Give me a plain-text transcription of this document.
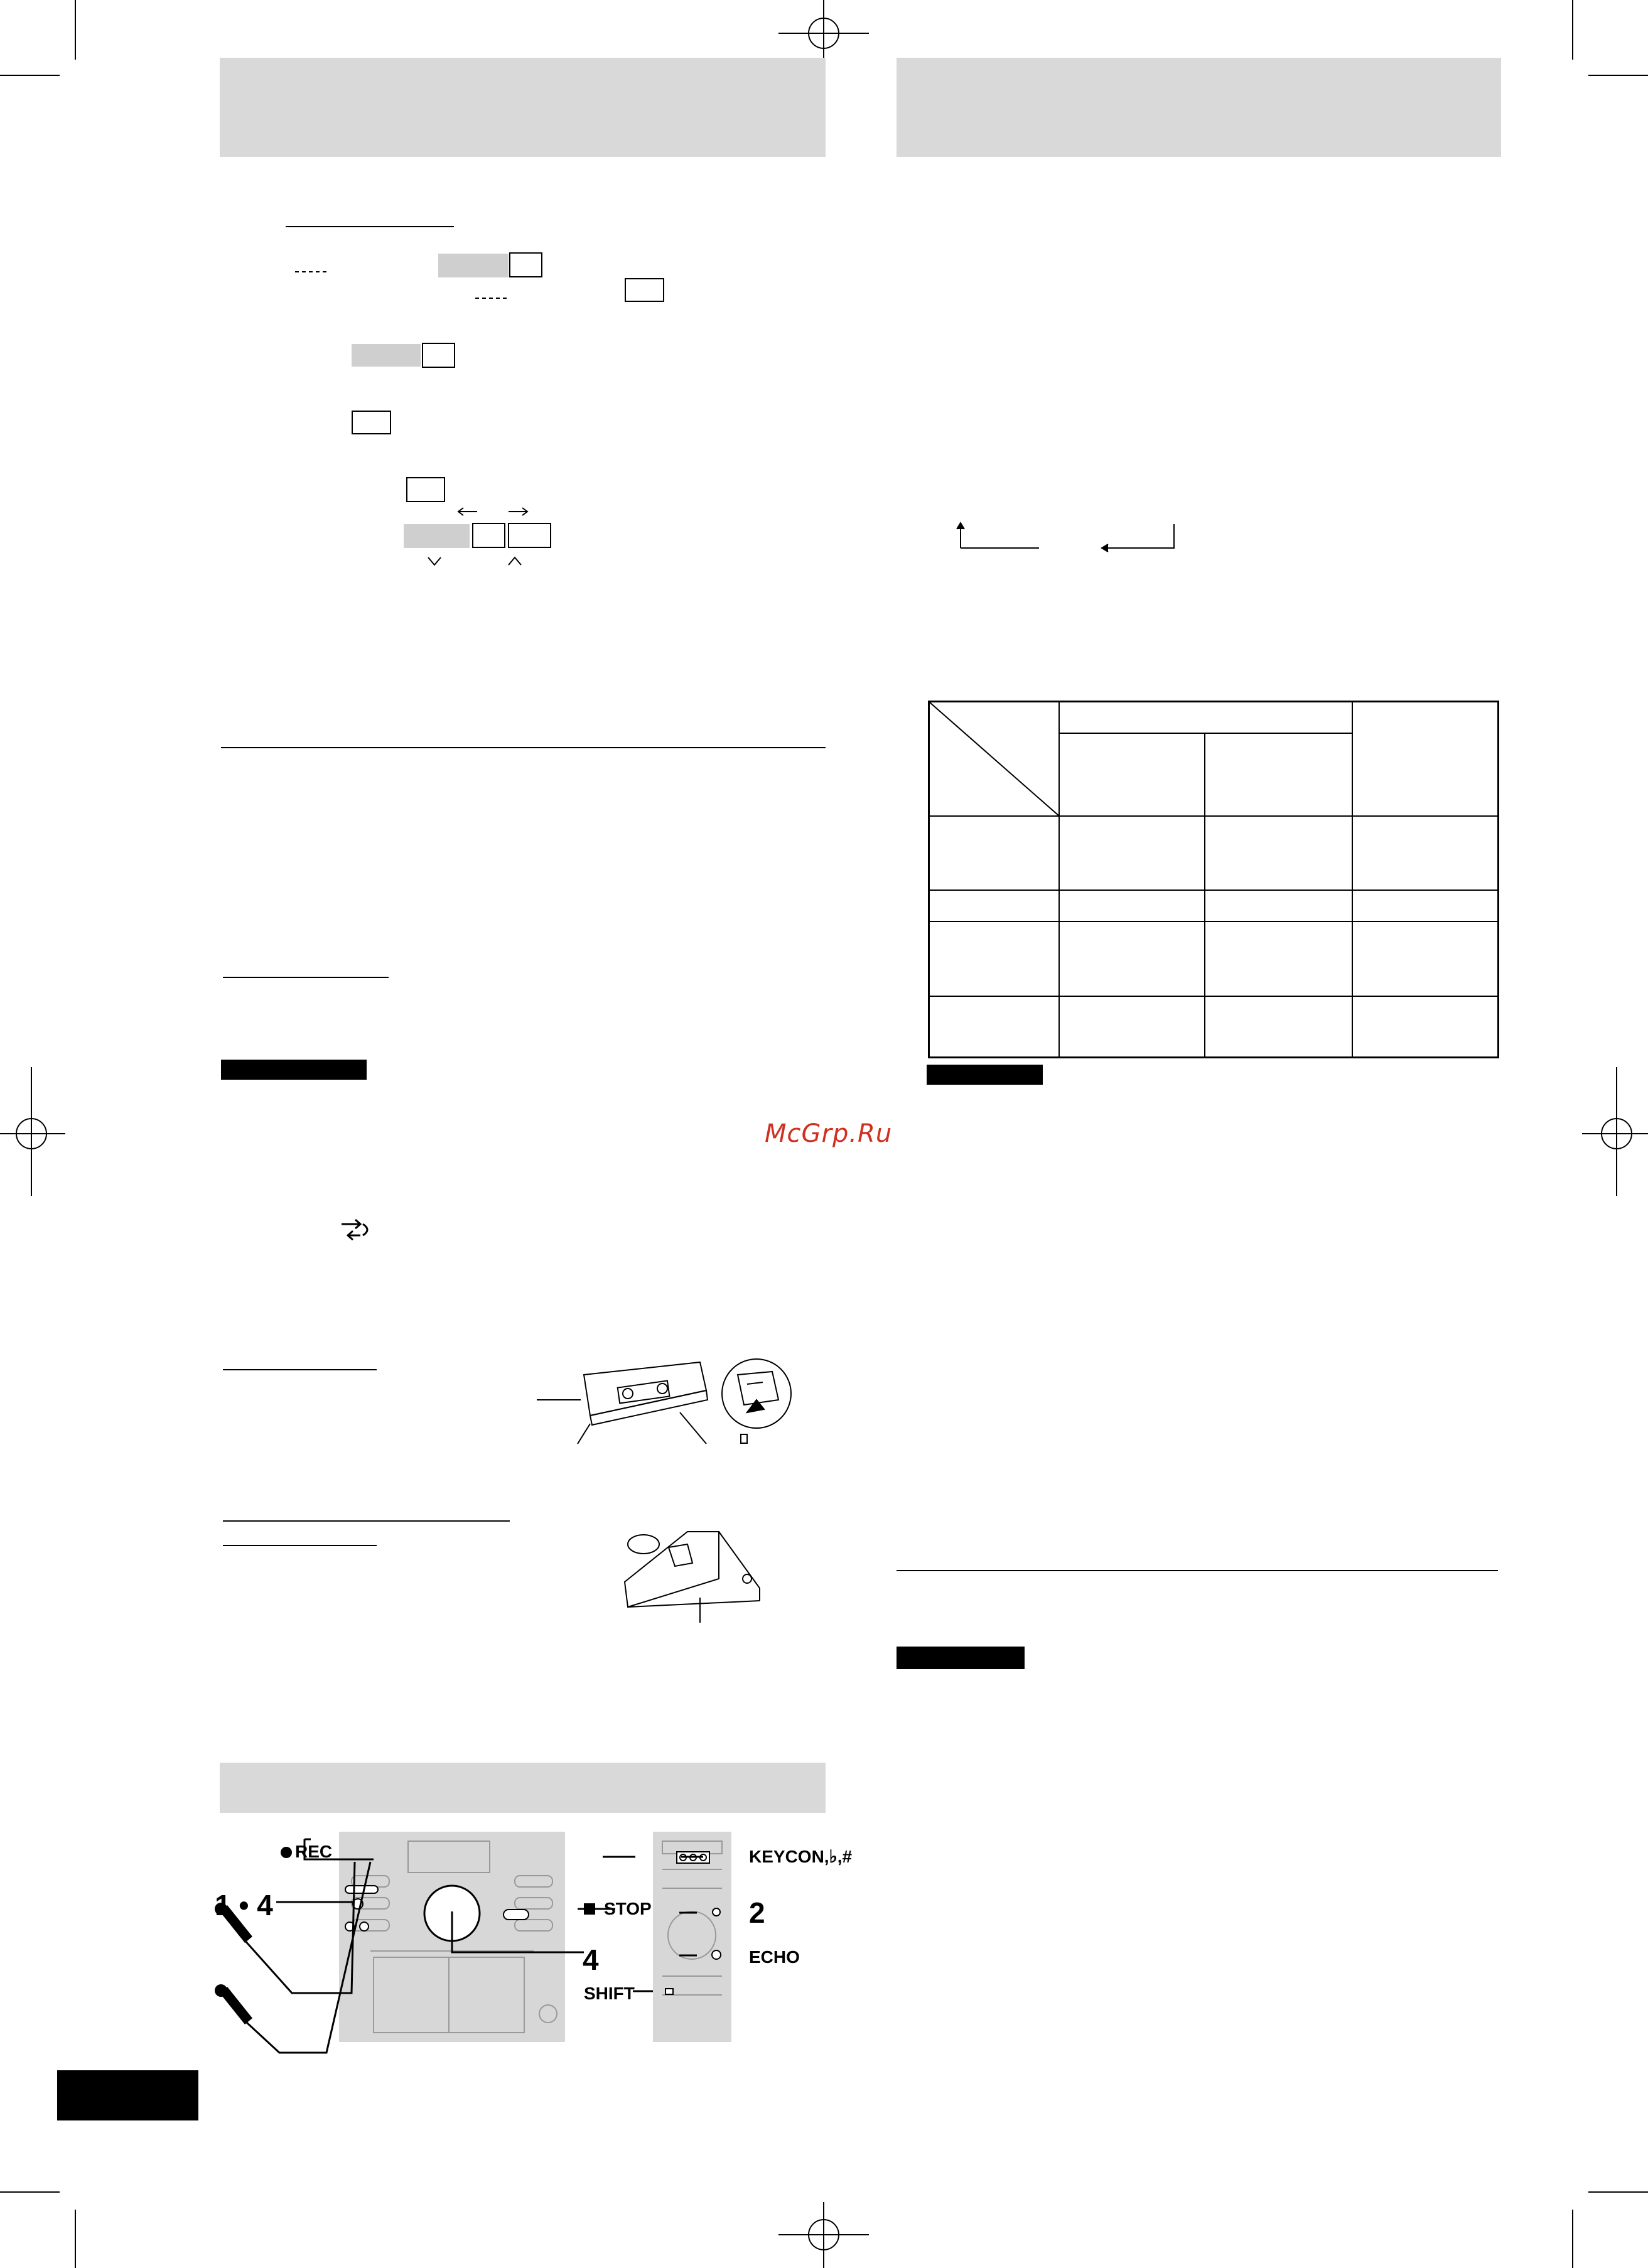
REC
1 • 4	STOP
4
KEYCON,♭,#
2
ECHO
SHIFT
McGrp.Ru
